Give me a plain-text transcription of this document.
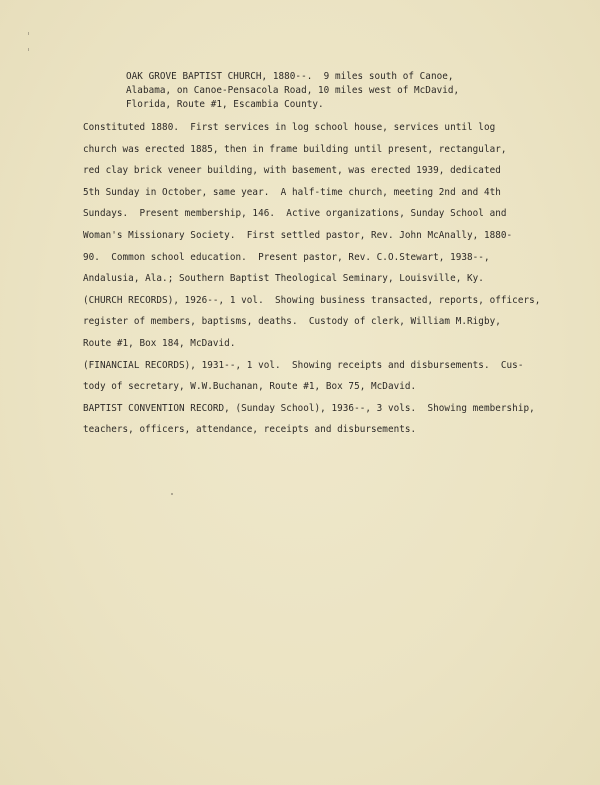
OAK GROVE BAPTIST CHURCH, 1880--.  9 miles south of Canoe,
Alabama, on Canoe-Pensacola Road, 10 miles west of McDavid,
Florida, Route #1, Escambia County.
Constituted 1880.  First services in log school house, services until log
church was erected 1885, then in frame building until present, rectangular,
red clay brick veneer building, with basement, was erected 1939, dedicated
5th Sunday in October, same year.  A half-time church, meeting 2nd and 4th
Sundays.  Present membership, 146.  Active organizations, Sunday School and
Woman's Missionary Society.  First settled pastor, Rev. John McAnally, 1880-
90.  Common school education.  Present pastor, Rev. C.O.Stewart, 1938--,
Andalusia, Ala.; Southern Baptist Theological Seminary, Louisville, Ky.
(CHURCH RECORDS), 1926--, 1 vol.  Showing business transacted, reports, officers,
register of members, baptisms, deaths.  Custody of clerk, William M.Rigby,
Route #1, Box 184, McDavid.
(FINANCIAL RECORDS), 1931--, 1 vol.  Showing receipts and disbursements.  Cus-
tody of secretary, W.W.Buchanan, Route #1, Box 75, McDavid.
BAPTIST CONVENTION RECORD, (Sunday School), 1936--, 3 vols.  Showing membership,
teachers, officers, attendance, receipts and disbursements.
